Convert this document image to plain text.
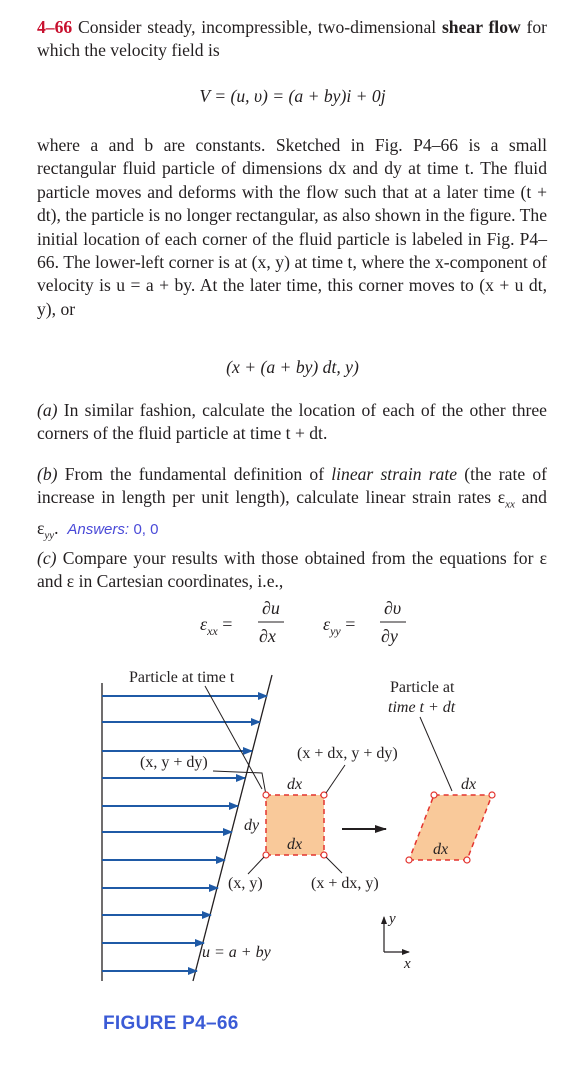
4–66 Consider steady, incompressible, two-dimensional shear flow for which the velocity field is

V = (u, υ) = (a + by)i + 0j

where a and b are constants. Sketched in Fig. P4–66 is a small rectangular fluid particle of dimensions dx and dy at time t. The fluid particle moves and deforms with the flow such that at a later time (t + dt), the particle is no longer rectangular, as also shown in the figure. The initial location of each corner of the fluid particle is labeled in Fig. P4–66. The lower-left corner is at (x, y) at time t, where the x-component of velocity is u = a + by. At the later time, this corner moves to (x + u dt, y), or

(x + (a + by) dt, y)

(a) In similar fashion, calculate the location of each of the other three corners of the fluid particle at time t + dt.

(b) From the fundamental definition of linear strain rate (the rate of increase in length per unit length), calculate linear strain rates $\varepsilon_{xx}$ and $\varepsilon_{yy}$.  Answers: 0, 0

(c) Compare your results with those obtained from the equations for ε and ε in Cartesian coordinates, i.e.,

$\varepsilon_{xx}$ =
∂u
∂x
$\varepsilon_{yy}$ =
∂υ
∂y
Particle at time t
(x, y + dy)
dx
dx
dy
(x + dx, y + dy)
(x, y)	(x + dx, y)
u = a + by
dx
dx
Particle at
time t + dt
y
x
FIGURE P4–66
